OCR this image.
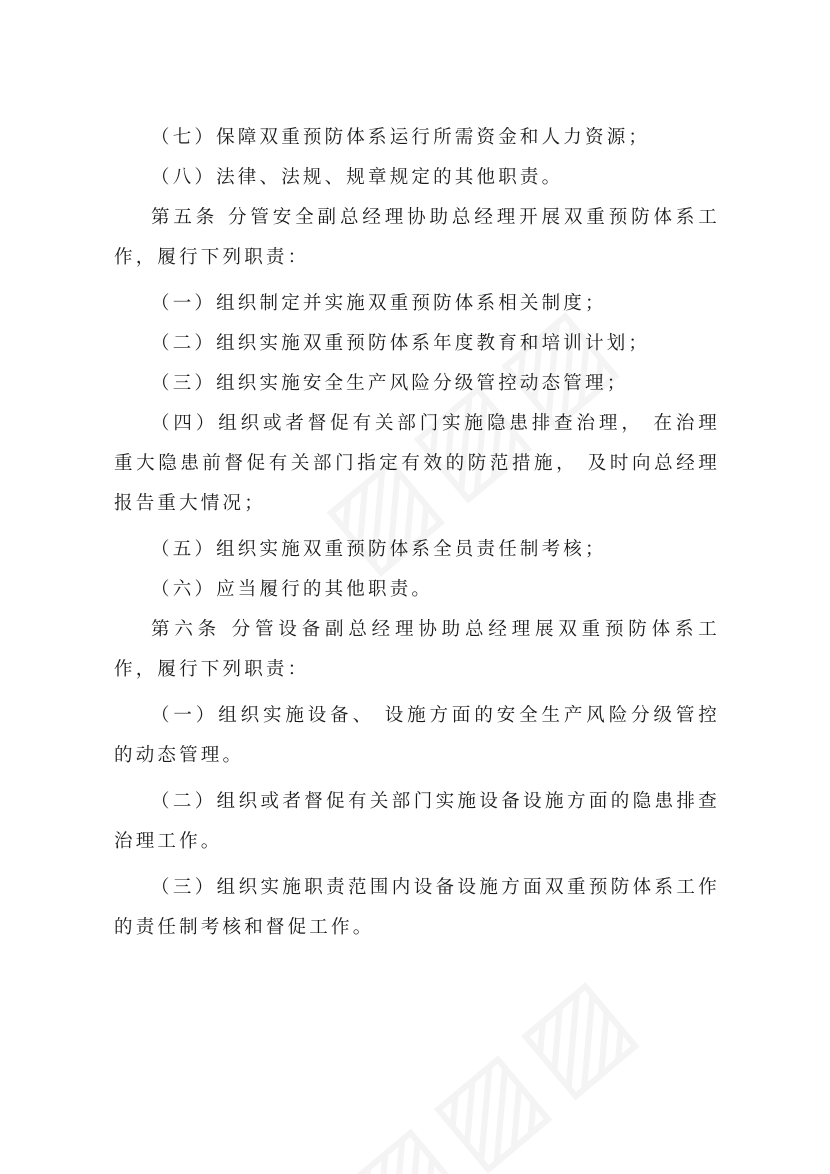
（七）保障双重预防体系运行所需资金和人力资源；

（八）法律、法规、规章规定的其他职责。

第五条 分管安全副总经理协助总经理开展双重预防体系工作，履行下列职责：

（一）组织制定并实施双重预防体系相关制度；

（二）组织实施双重预防体系年度教育和培训计划；

（三）组织实施安全生产风险分级管控动态管理；

（四）组织或者督促有关部门实施隐患排查治理， 在治理重大隐患前督促有关部门指定有效的防范措施， 及时向总经理报告重大情况；

（五）组织实施双重预防体系全员责任制考核；

（六）应当履行的其他职责。

第六条 分管设备副总经理协助总经理展双重预防体系工作，履行下列职责：

（一）组织实施设备、 设施方面的安全生产风险分级管控的动态管理。

（二）组织或者督促有关部门实施设备设施方面的隐患排查治理工作。

（三）组织实施职责范围内设备设施方面双重预防体系工作的责任制考核和督促工作。
